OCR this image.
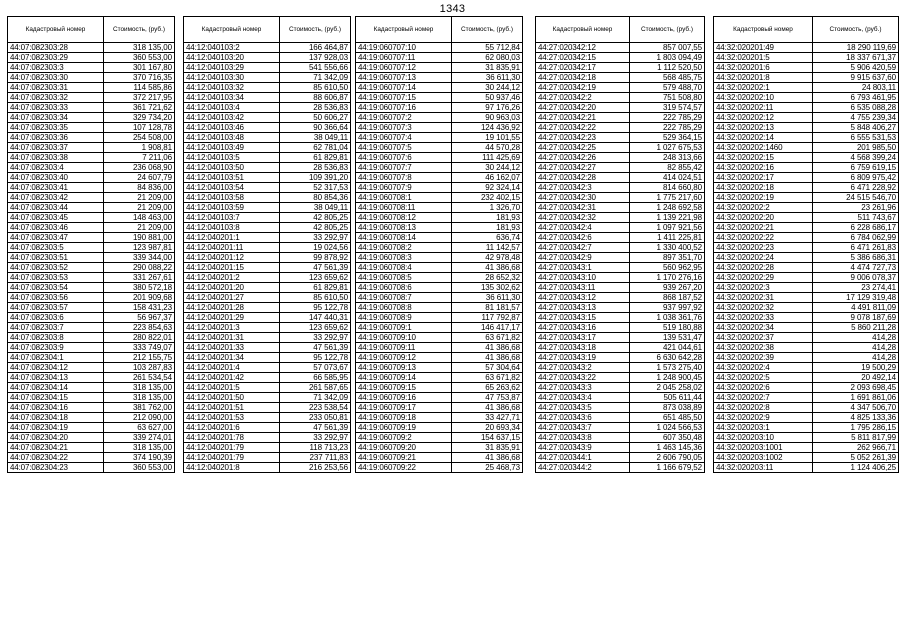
1343
Кадастровый номер	Стоимость, (руб.)
44:07:082303:28	318 135,00
44:07:082303:29	360 553,00
44:07:082303:3	301 167,80
44:07:082303:30	370 716,35
44:07:082303:31	114 585,86
44:07:082303:32	372 217,95
44:07:082303:33	361 721,62
44:07:082303:34	329 734,20
44:07:082303:35	107 128,78
44:07:082303:36	254 508,00
44:07:082303:37	1 908,81
44:07:082303:38	7 211,06
44:07:082303:4	236 068,90
44:07:082303:40	24 607,79
44:07:082303:41	84 836,00
44:07:082303:42	21 209,00
44:07:082303:44	21 209,00
44:07:082303:45	148 463,00
44:07:082303:46	21 209,00
44:07:082303:47	190 881,00
44:07:082303:5	123 987,81
44:07:082303:51	339 344,00
44:07:082303:52	290 088,22
44:07:082303:53	331 267,61
44:07:082303:54	380 572,18
44:07:082303:56	201 909,68
44:07:082303:57	158 431,23
44:07:082303:6	56 967,37
44:07:082303:7	223 854,63
44:07:082303:8	280 822,01
44:07:082303:9	333 749,07
44:07:082304:1	212 155,75
44:07:082304:12	103 287,83
44:07:082304:13	261 534,54
44:07:082304:14	318 135,00
44:07:082304:15	318 135,00
44:07:082304:16	381 762,00
44:07:082304:18	212 090,00
44:07:082304:19	63 627,00
44:07:082304:20	339 274,01
44:07:082304:21	318 135,00
44:07:082304:22	374 190,39
44:07:082304:23	360 553,00
Кадастровый номер	Стоимость, (руб.)
44:12:040103:2	166 464,87
44:12:040103:20	137 928,03
44:12:040103:29	541 556,66
44:12:040103:30	71 342,09
44:12:040103:32	85 610,50
44:12:040103:34	88 606,87
44:12:040103:4	28 536,83
44:12:040103:42	50 606,27
44:12:040103:46	90 366,64
44:12:040103:48	38 049,11
44:12:040103:49	62 781,04
44:12:040103:5	61 829,81
44:12:040103:50	28 536,83
44:12:040103:51	109 391,20
44:12:040103:54	52 317,53
44:12:040103:58	80 854,36
44:12:040103:59	38 049,11
44:12:040103:7	42 805,25
44:12:040103:8	42 805,25
44:12:040201:1	33 292,97
44:12:040201:11	19 024,56
44:12:040201:12	99 878,92
44:12:040201:15	47 561,39
44:12:040201:2	123 659,62
44:12:040201:20	61 829,81
44:12:040201:27	85 610,50
44:12:040201:28	95 122,78
44:12:040201:29	147 440,31
44:12:040201:3	123 659,62
44:12:040201:31	33 292,97
44:12:040201:33	47 561,39
44:12:040201:34	95 122,78
44:12:040201:4	57 073,67
44:12:040201:42	66 585,95
44:12:040201:5	261 587,65
44:12:040201:50	71 342,09
44:12:040201:51	223 538,54
44:12:040201:53	233 050,81
44:12:040201:6	47 561,39
44:12:040201:78	33 292,97
44:12:040201:79	118 713,23
44:12:040201:79	237 711,83
44:12:040201:8	216 253,56
Кадастровый номер	Стоимость, (руб.)
44:19:060707:10	55 712,84
44:19:060707:11	62 080,03
44:19:060707:12	31 835,91
44:19:060707:13	36 611,30
44:19:060707:14	30 244,12
44:19:060707:15	50 937,46
44:19:060707:16	97 176,26
44:19:060707:2	90 963,03
44:19:060707:3	124 436,92
44:19:060707:4	19 101,55
44:19:060707:5	44 570,28
44:19:060707:6	111 425,69
44:19:060707:7	30 244,12
44:19:060707:8	46 162,07
44:19:060707:9	92 324,14
44:19:060708:1	232 402,15
44:19:060708:11	1 326,70
44:19:060708:12	181,93
44:19:060708:13	181,93
44:19:060708:14	636,74
44:19:060708:2	11 142,57
44:19:060708:3	42 978,48
44:19:060708:4	41 386,68
44:19:060708:5	28 652,32
44:19:060708:6	135 302,62
44:19:060708:7	36 611,30
44:19:060708:8	81 181,57
44:19:060708:9	117 792,87
44:19:060709:1	146 417,17
44:19:060709:10	63 671,82
44:19:060709:11	41 386,68
44:19:060709:12	41 386,68
44:19:060709:13	57 304,64
44:19:060709:14	63 671,82
44:19:060709:15	65 263,62
44:19:060709:16	47 753,87
44:19:060709:17	41 386,68
44:19:060709:18	33 427,71
44:19:060709:19	20 693,34
44:19:060709:2	154 637,15
44:19:060709:20	31 835,91
44:19:060709:21	41 386,68
44:19:060709:22	25 468,73
Кадастровый номер	Стоимость, (руб.)
44:27:020342:12	857 007,55
44:27:020342:15	1 803 094,49
44:27:020342:17	1 112 520,50
44:27:020342:18	568 485,75
44:27:020342:19	579 488,70
44:27:020342:2	751 508,80
44:27:020342:20	319 574,57
44:27:020342:21	222 785,29
44:27:020342:22	222 785,29
44:27:020342:23	529 364,15
44:27:020342:25	1 027 675,53
44:27:020342:26	248 313,66
44:27:020342:27	82 855,42
44:27:020342:28	414 024,51
44:27:020342:3	814 660,80
44:27:020342:30	1 775 217,60
44:27:020342:31	1 248 692,58
44:27:020342:32	1 139 221,98
44:27:020342:4	1 097 921,56
44:27:020342:6	1 411 225,81
44:27:020342:7	1 330 400,52
44:27:020342:9	897 351,70
44:27:020343:1	560 962,95
44:27:020343:10	1 170 276,16
44:27:020343:11	939 267,20
44:27:020343:12	868 187,52
44:27:020343:13	937 997,92
44:27:020343:15	1 038 361,76
44:27:020343:16	519 180,88
44:27:020343:17	139 531,47
44:27:020343:18	421 044,61
44:27:020343:19	6 630 642,28
44:27:020343:2	1 573 275,40
44:27:020343:22	1 248 900,45
44:27:020343:3	2 045 258,02
44:27:020343:4	505 611,44
44:27:020343:5	873 038,89
44:27:020343:6	651 485,50
44:27:020343:7	1 024 566,53
44:27:020343:8	607 350,48
44:27:020343:9	1 463 145,36
44:27:020344:1	2 606 790,05
44:27:020344:2	1 166 679,52
Кадастровый номер	Стоимость, (руб.)
44:32:020201:49	18 290 119,69
44:32:020201:5	18 337 671,37
44:32:020201:6	5 906 420,59
44:32:020201:8	9 915 637,60
44:32:020202:1	24 803,11
44:32:020202:10	6 793 461,95
44:32:020202:11	6 535 088,28
44:32:020202:12	4 755 239,34
44:32:020202:13	5 848 406,27
44:32:020202:14	6 555 531,53
44:32:020202:1460	201 985,50
44:32:020202:15	4 568 399,24
44:32:020202:16	6 759 619,15
44:32:020202:17	6 809 975,42
44:32:020202:18	6 471 228,92
44:32:020202:19	24 515 546,70
44:32:020202:2	23 261,96
44:32:020202:20	511 743,67
44:32:020202:21	6 228 686,17
44:32:020202:22	6 784 062,99
44:32:020202:23	6 471 261,83
44:32:020202:24	5 386 686,31
44:32:020202:28	4 474 727,73
44:32:020202:29	9 006 078,37
44:32:020202:3	23 274,41
44:32:020202:31	17 129 319,48
44:32:020202:32	4 491 811,09
44:32:020202:33	9 078 187,69
44:32:020202:34	5 860 211,28
44:32:020202:37	414,28
44:32:020202:38	414,28
44:32:020202:39	414,28
44:32:020202:4	19 500,29
44:32:020202:5	20 492,14
44:32:020202:6	2 093 698,45
44:32:020202:7	1 691 861,06
44:32:020202:8	4 347 506,70
44:32:020202:9	4 825 133,36
44:32:020203:1	1 795 286,15
44:32:020203:10	5 811 817,99
44:32:020203:1001	262 966,71
44:32:020203:1002	5 052 261,39
44:32:020203:11	1 124 406,25
